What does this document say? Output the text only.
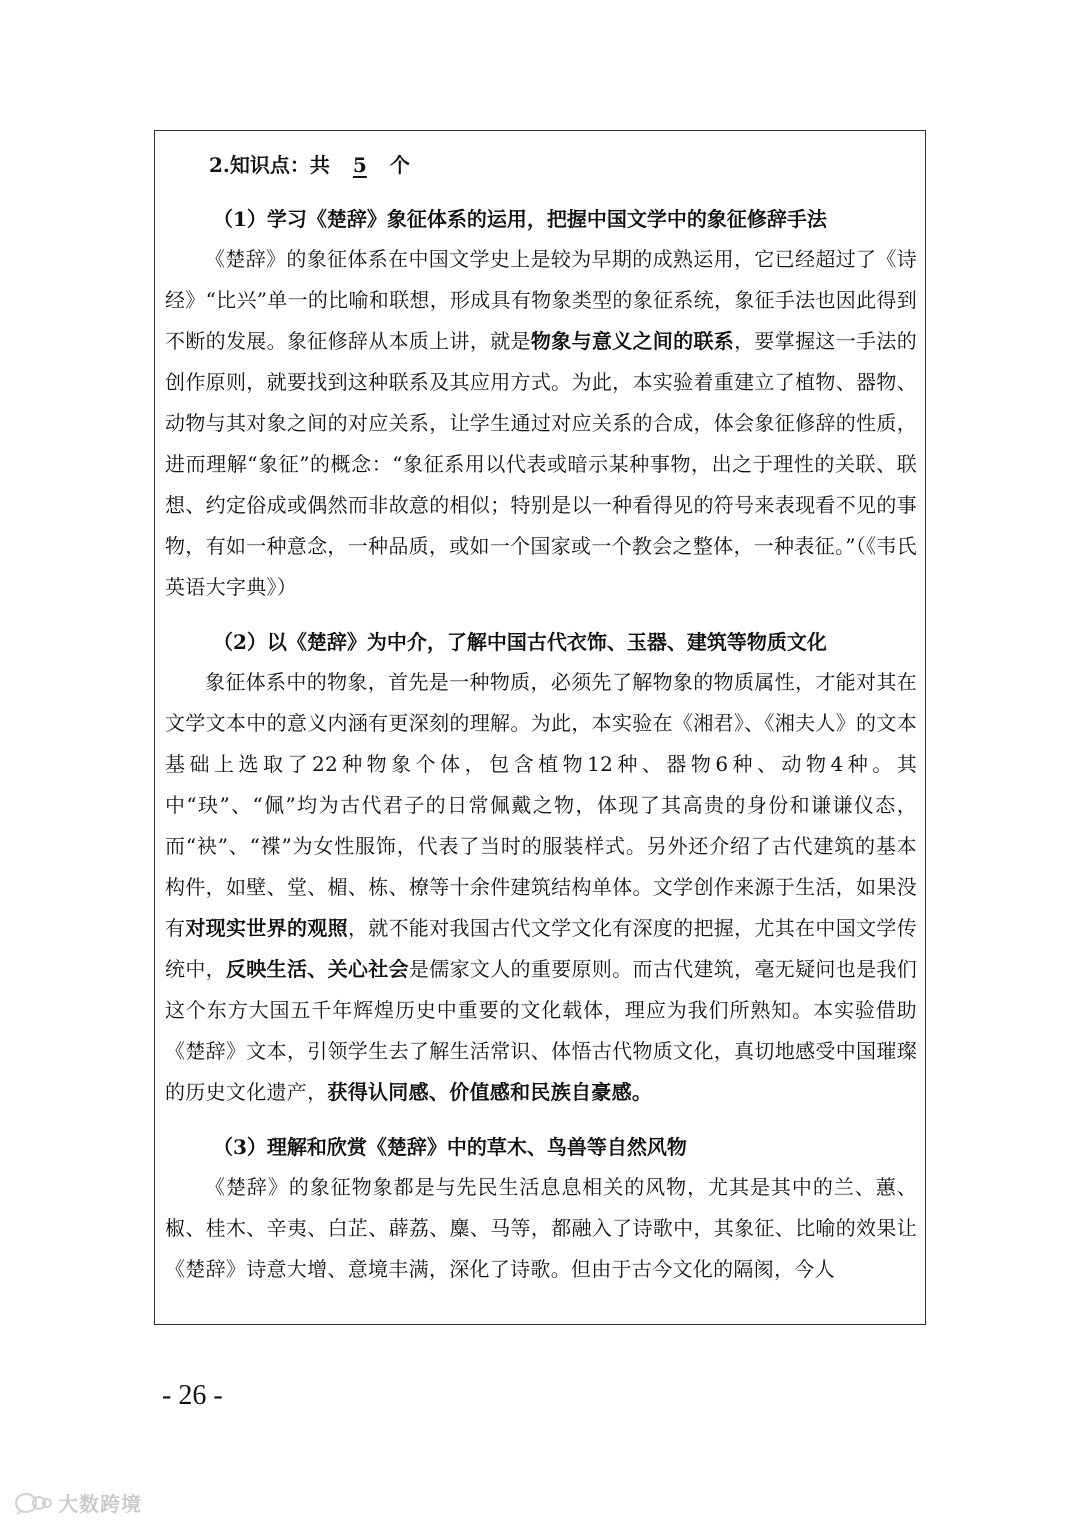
2.知识点：共 5 个
（1）学习《楚辞》象征体系的运用，把握中国文学中的象征修辞手法

《楚辞》的象征体系在中国文学史上是较为早期的成熟运用，它已经超过了《诗经》“比兴”单一的比喻和联想，形成具有物象类型的象征系统，象征手法也因此得到不断的发展。象征修辞从本质上讲，就是物象与意义之间的联系，要掌握这一手法的创作原则，就要找到这种联系及其应用方式。为此，本实验着重建立了植物、器物、动物与其对象之间的对应关系，让学生通过对应关系的合成，体会象征修辞的性质，进而理解“象征”的概念：“象征系用以代表或暗示某种事物，出之于理性的关联、联想、约定俗成或偶然而非故意的相似；特别是以一种看得见的符号来表现看不见的事物，有如一种意念，一种品质，或如一个国家或一个教会之整体，一种表征。”（《韦氏英语大字典》）

（2）以《楚辞》为中介，了解中国古代衣饰、玉器、建筑等物质文化

象征体系中的物象，首先是一种物质，必须先了解物象的物质属性，才能对其在文学文本中的意义内涵有更深刻的理解。为此，本实验在《湘君》、《湘夫人》的文本基础上选取了22种物象个体，包含植物12种、器物6种、动物4种。其中“玦”、“佩”均为古代君子的日常佩戴之物，体现了其高贵的身份和谦谦仪态，而“袂”、“褋”为女性服饰，代表了当时的服装样式。另外还介绍了古代建筑的基本构件，如壁、堂、楣、栋、橑等十余件建筑结构单体。文学创作来源于生活，如果没有对现实世界的观照，就不能对我国古代文学文化有深度的把握，尤其在中国文学传统中，反映生活、关心社会是儒家文人的重要原则。而古代建筑，毫无疑问也是我们这个东方大国五千年辉煌历史中重要的文化载体，理应为我们所熟知。本实验借助《楚辞》文本，引领学生去了解生活常识、体悟古代物质文化，真切地感受中国璀璨的历史文化遗产，获得认同感、价值感和民族自豪感。

（3）理解和欣赏《楚辞》中的草木、鸟兽等自然风物

《楚辞》的象征物象都是与先民生活息息相关的风物，尤其是其中的兰、蕙、椒、桂木、辛夷、白芷、薜荔、麋、马等，都融入了诗歌中，其象征、比喻的效果让《楚辞》诗意大增、意境丰满，深化了诗歌。但由于古今文化的隔阂，今人

- 26 -
大数跨境
